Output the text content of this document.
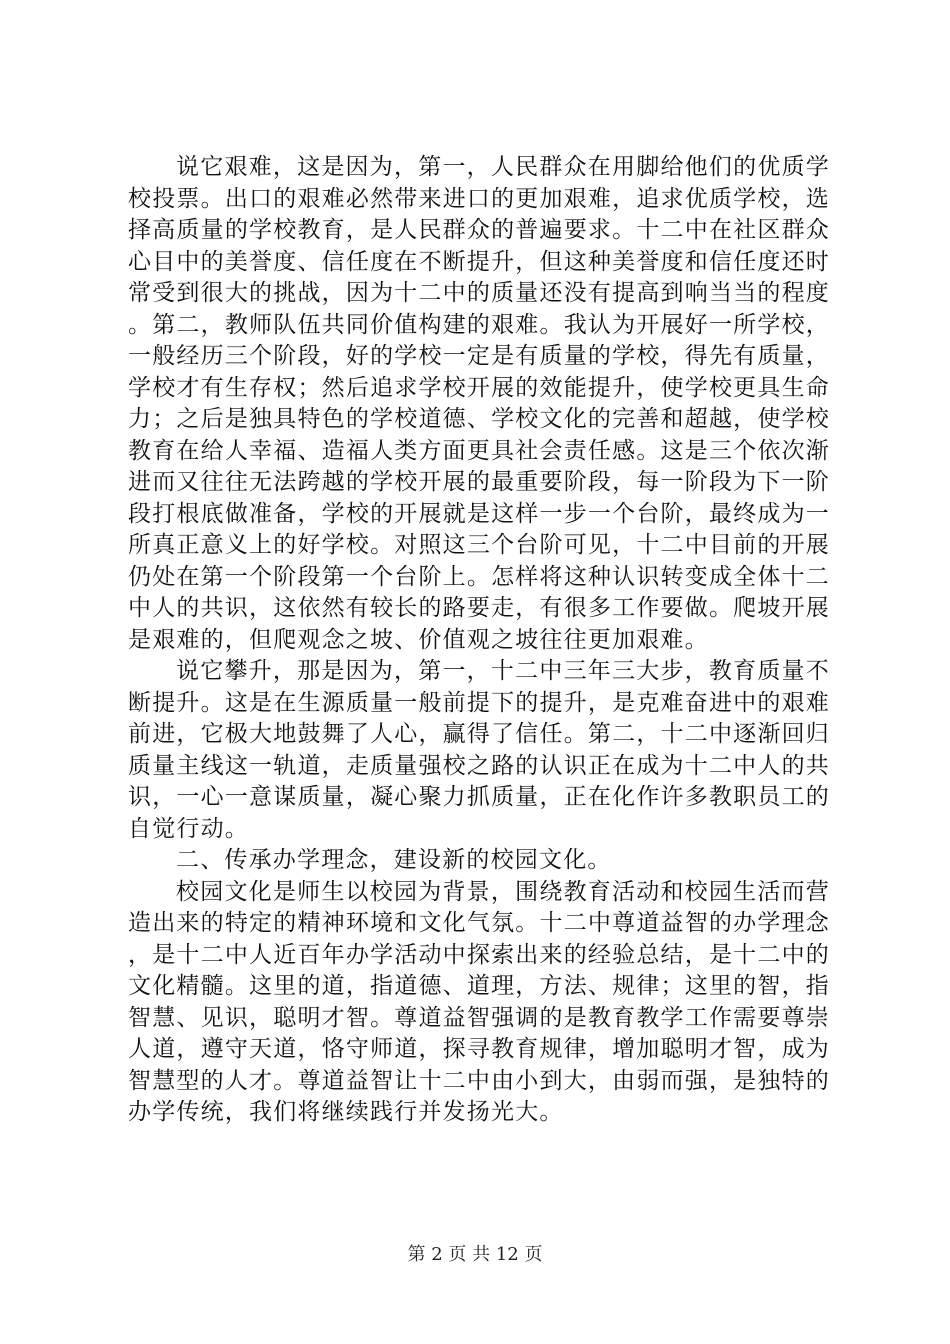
说它艰难，这是因为，第一，人民群众在用脚给他们的优质学校投票。出口的艰难必然带来进口的更加艰难，追求优质学校，选择高质量的学校教育，是人民群众的普遍要求。十二中在社区群众心目中的美誉度、信任度在不断提升，但这种美誉度和信任度还时常受到很大的挑战，因为十二中的质量还没有提高到响当当的程度。第二，教师队伍共同价值构建的艰难。我认为开展好一所学校，一般经历三个阶段，好的学校一定是有质量的学校，得先有质量，学校才有生存权；然后追求学校开展的效能提升，使学校更具生命力；之后是独具特色的学校道德、学校文化的完善和超越，使学校教育在给人幸福、造福人类方面更具社会责任感。这是三个依次渐进而又往往无法跨越的学校开展的最重要阶段，每一阶段为下一阶段打根底做准备，学校的开展就是这样一步一个台阶，最终成为一所真正意义上的好学校。对照这三个台阶可见，十二中目前的开展仍处在第一个阶段第一个台阶上。怎样将这种认识转变成全体十二中人的共识，这依然有较长的路要走，有很多工作要做。爬坡开展是艰难的，但爬观念之坡、价值观之坡往往更加艰难。

说它攀升，那是因为，第一，十二中三年三大步，教育质量不断提升。这是在生源质量一般前提下的提升，是克难奋进中的艰难前进，它极大地鼓舞了人心，赢得了信任。第二，十二中逐渐回归质量主线这一轨道，走质量强校之路的认识正在成为十二中人的共识，一心一意谋质量，凝心聚力抓质量，正在化作许多教职员工的自觉行动。

二、传承办学理念，建设新的校园文化。

校园文化是师生以校园为背景，围绕教育活动和校园生活而营造出来的特定的精神环境和文化气氛。十二中尊道益智的办学理念，是十二中人近百年办学活动中探索出来的经验总结，是十二中的文化精髓。这里的道，指道德、道理，方法、规律；这里的智，指智慧、见识，聪明才智。尊道益智强调的是教育教学工作需要尊崇人道，遵守天道，恪守师道，探寻教育规律，增加聪明才智，成为智慧型的人才。尊道益智让十二中由小到大，由弱而强，是独特的办学传统，我们将继续践行并发扬光大。

第 2 页 共 12 页
